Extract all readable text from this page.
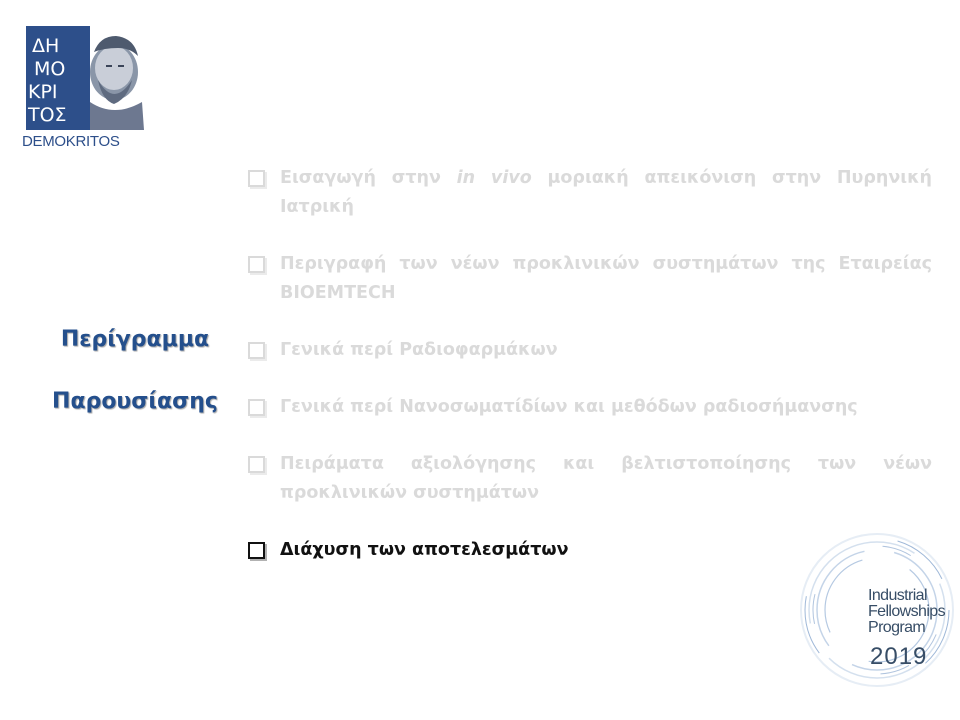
ΔΗ
ΜΟ
ΚΡΙ
ΤΟΣ
DEMOKRITOS
Περίγραμμα
Παρουσίασης
Εισαγωγή στην in vivo μοριακή απεικόνιση στην Πυρηνική Ιατρική
Περιγραφή των νέων προκλινικών συστημάτων της Εταιρείας BIOEMTECH
Γενικά περί Ραδιοφαρμάκων
Γενικά περί Νανοσωματίδίων και μεθόδων ραδιοσήμανσης
Πειράματα αξιολόγησης και βελτιστοποίησης των νέων προκλινικών συστημάτων
Διάχυση των αποτελεσμάτων
Industrial
Fellowships
Program
2019
